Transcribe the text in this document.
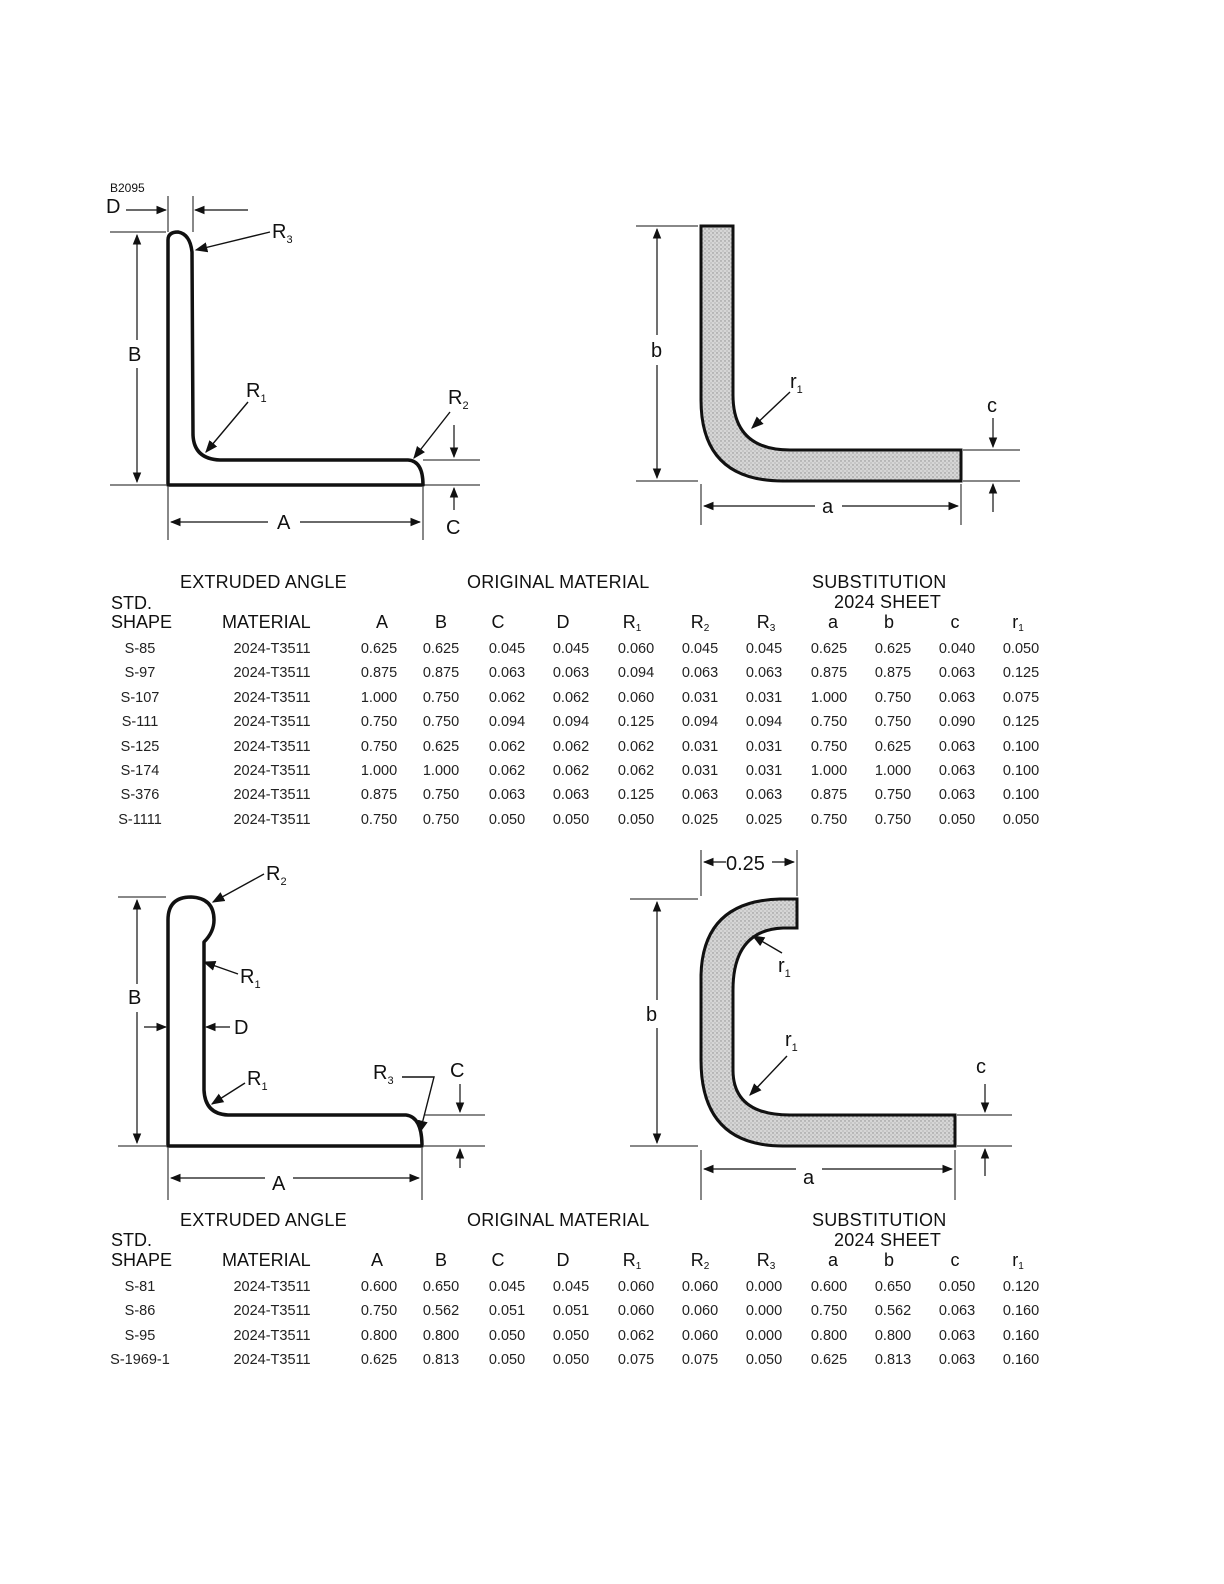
B2095
D
$R_3$
B
$R_1$	$R_2$
C
A
b
$r_1$
c
a
$R_2$
$R_1$
B
D
$R_1$
$R_3$	C
A
0.25
$r_1$
b
$r_1$
c
a
EXTRUDED ANGLE	ORIGINAL MATERIAL	SUBSTITUTION
2024 SHEET
STD.
SHAPE	MATERIAL	A	B C	D	$R_1$	$R_2$	$R_3$	a	b	c	$r_1$
S-85	2024-T3511	0.625 0.625 0.045 0.045 0.060 0.045 0.045 0.625 0.625 0.040 0.050
S-97	2024-T3511	0.875 0.875 0.063 0.063 0.094 0.063 0.063 0.875 0.875 0.063 0.125
S-107	2024-T3511	1.000 0.750 0.062 0.062 0.060 0.031 0.031 1.000 0.750 0.063 0.075
S-111	2024-T3511	0.750 0.750 0.094 0.094 0.125 0.094 0.094 0.750 0.750 0.090 0.125
S-125	2024-T3511	0.750 0.625 0.062 0.062 0.062 0.031 0.031 0.750 0.625 0.063 0.100
S-174	2024-T3511	1.000 1.000 0.062 0.062 0.062 0.031 0.031 1.000 1.000 0.063 0.100
S-376	2024-T3511	0.875 0.750 0.063 0.063 0.125 0.063 0.063 0.875 0.750 0.063 0.100
S-1111	2024-T3511	0.750 0.750 0.050 0.050 0.050 0.025 0.025 0.750 0.750 0.050 0.050
EXTRUDED ANGLE	ORIGINAL MATERIAL	SUBSTITUTION
2024 SHEET
STD.
SHAPE	MATERIAL	A	B C	D	$R_1$	$R_2$	$R_3$	a	b	c	$r_1$
S-81	2024-T3511	0.600 0.650 0.045 0.045 0.060 0.060 0.000 0.600 0.650 0.050 0.120
S-86	2024-T3511	0.750 0.562 0.051 0.051 0.060 0.060 0.000 0.750 0.562 0.063 0.160
S-95	2024-T3511	0.800 0.800 0.050 0.050 0.062 0.060 0.000 0.800 0.800 0.063 0.160
S-1969-1	2024-T3511	0.625 0.813 0.050 0.050 0.075 0.075 0.050 0.625 0.813 0.063 0.160
